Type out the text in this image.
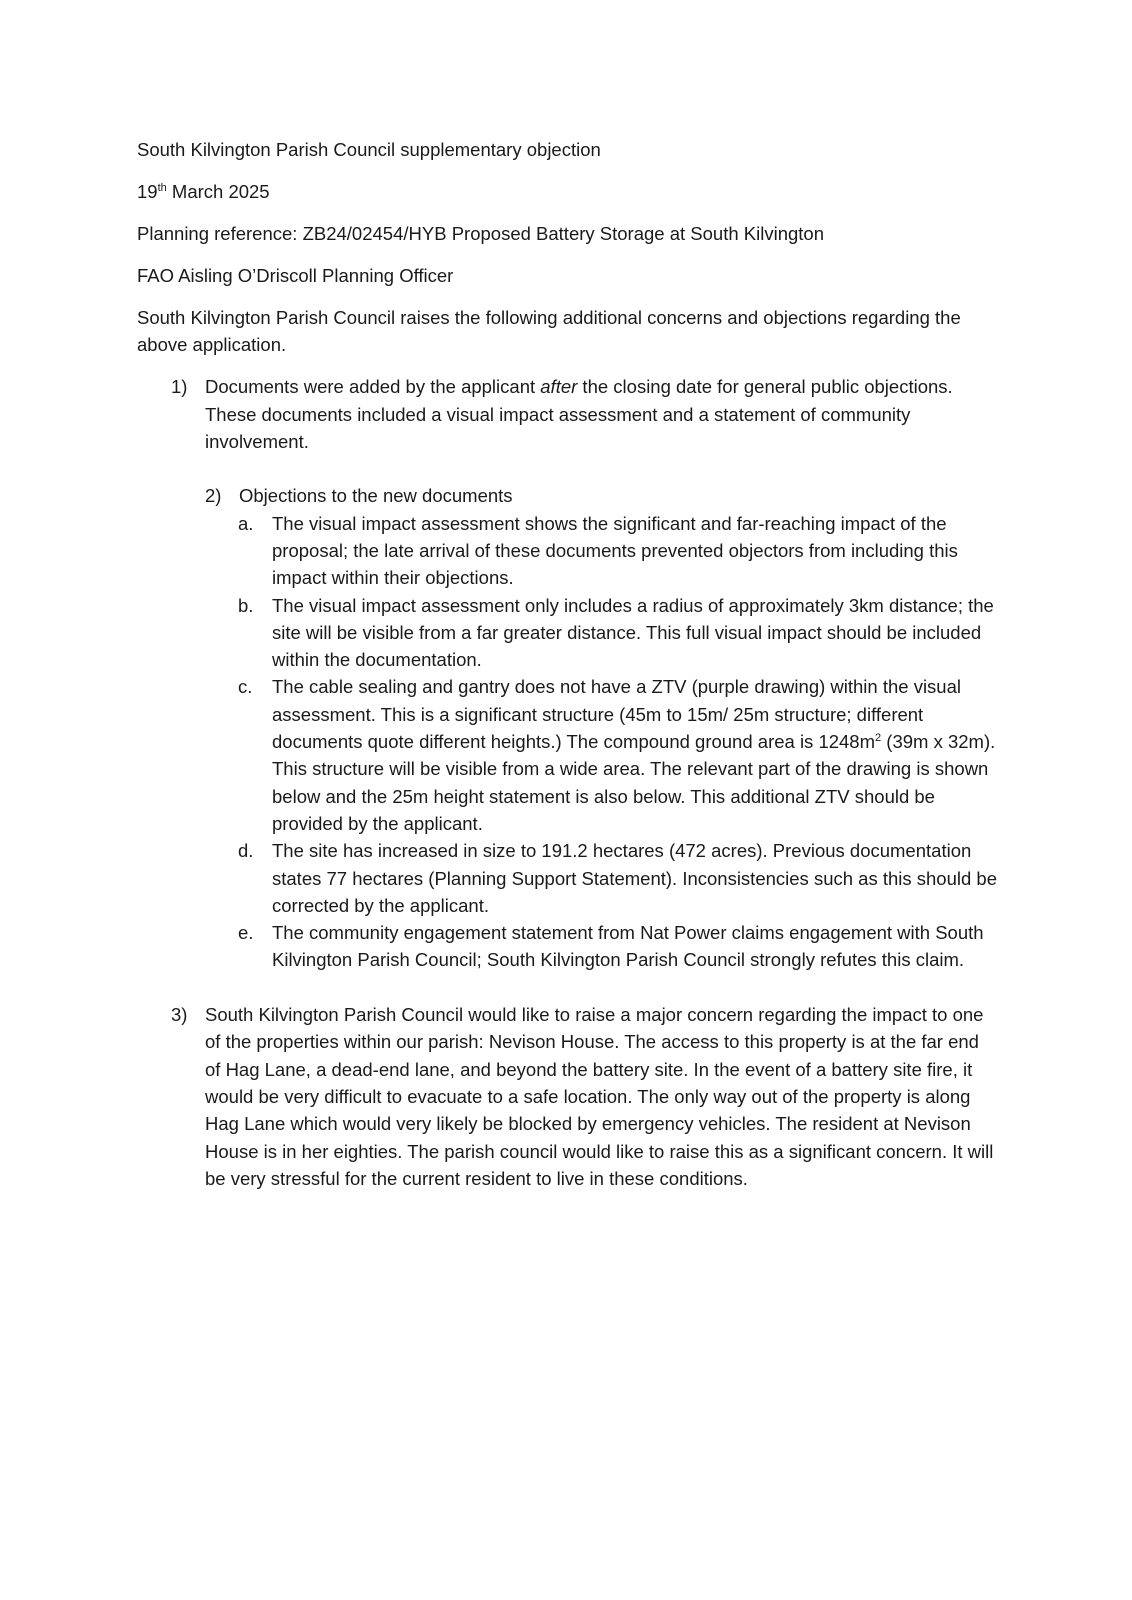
South Kilvington Parish Council supplementary objection

19th March 2025

Planning reference: ZB24/02454/HYB Proposed Battery Storage at South Kilvington

FAO Aisling O’Driscoll Planning Officer

South Kilvington Parish Council raises the following additional concerns and objections regarding the above application.

1) Documents were added by the applicant after the closing date for general public objections. These documents included a visual impact assessment and a statement of community involvement.
2) Objections to the new documents
a. The visual impact assessment shows the significant and far-reaching impact of the proposal; the late arrival of these documents prevented objectors from including this impact within their objections.
b. The visual impact assessment only includes a radius of approximately 3km distance; the site will be visible from a far greater distance. This full visual impact should be included within the documentation.
c.	The cable sealing and gantry does not have a ZTV (purple drawing) within the visual assessment. This is a significant structure (45m to 15m/ 25m structure; different documents quote different heights.) The compound ground area is $1248m^2$ (39m x 32m). This structure will be visible from a wide area. The relevant part of the drawing is shown below and the 25m height statement is also below. This additional ZTV should be provided by the applicant.
d. The site has increased in size to 191.2 hectares (472 acres). Previous documentation states 77 hectares (Planning Support Statement). Inconsistencies such as this should be corrected by the applicant.
e. The community engagement statement from Nat Power claims engagement with South Kilvington Parish Council; South Kilvington Parish Council strongly refutes this claim.
3) South Kilvington Parish Council would like to raise a major concern regarding the impact to one of the properties within our parish: Nevison House. The access to this property is at the far end of Hag Lane, a dead-end lane, and beyond the battery site. In the event of a battery site fire, it would be very difficult to evacuate to a safe location. The only way out of the property is along Hag Lane which would very likely be blocked by emergency vehicles. The resident at Nevison House is in her eighties. The parish council would like to raise this as a significant concern. It will be very stressful for the current resident to live in these conditions.
